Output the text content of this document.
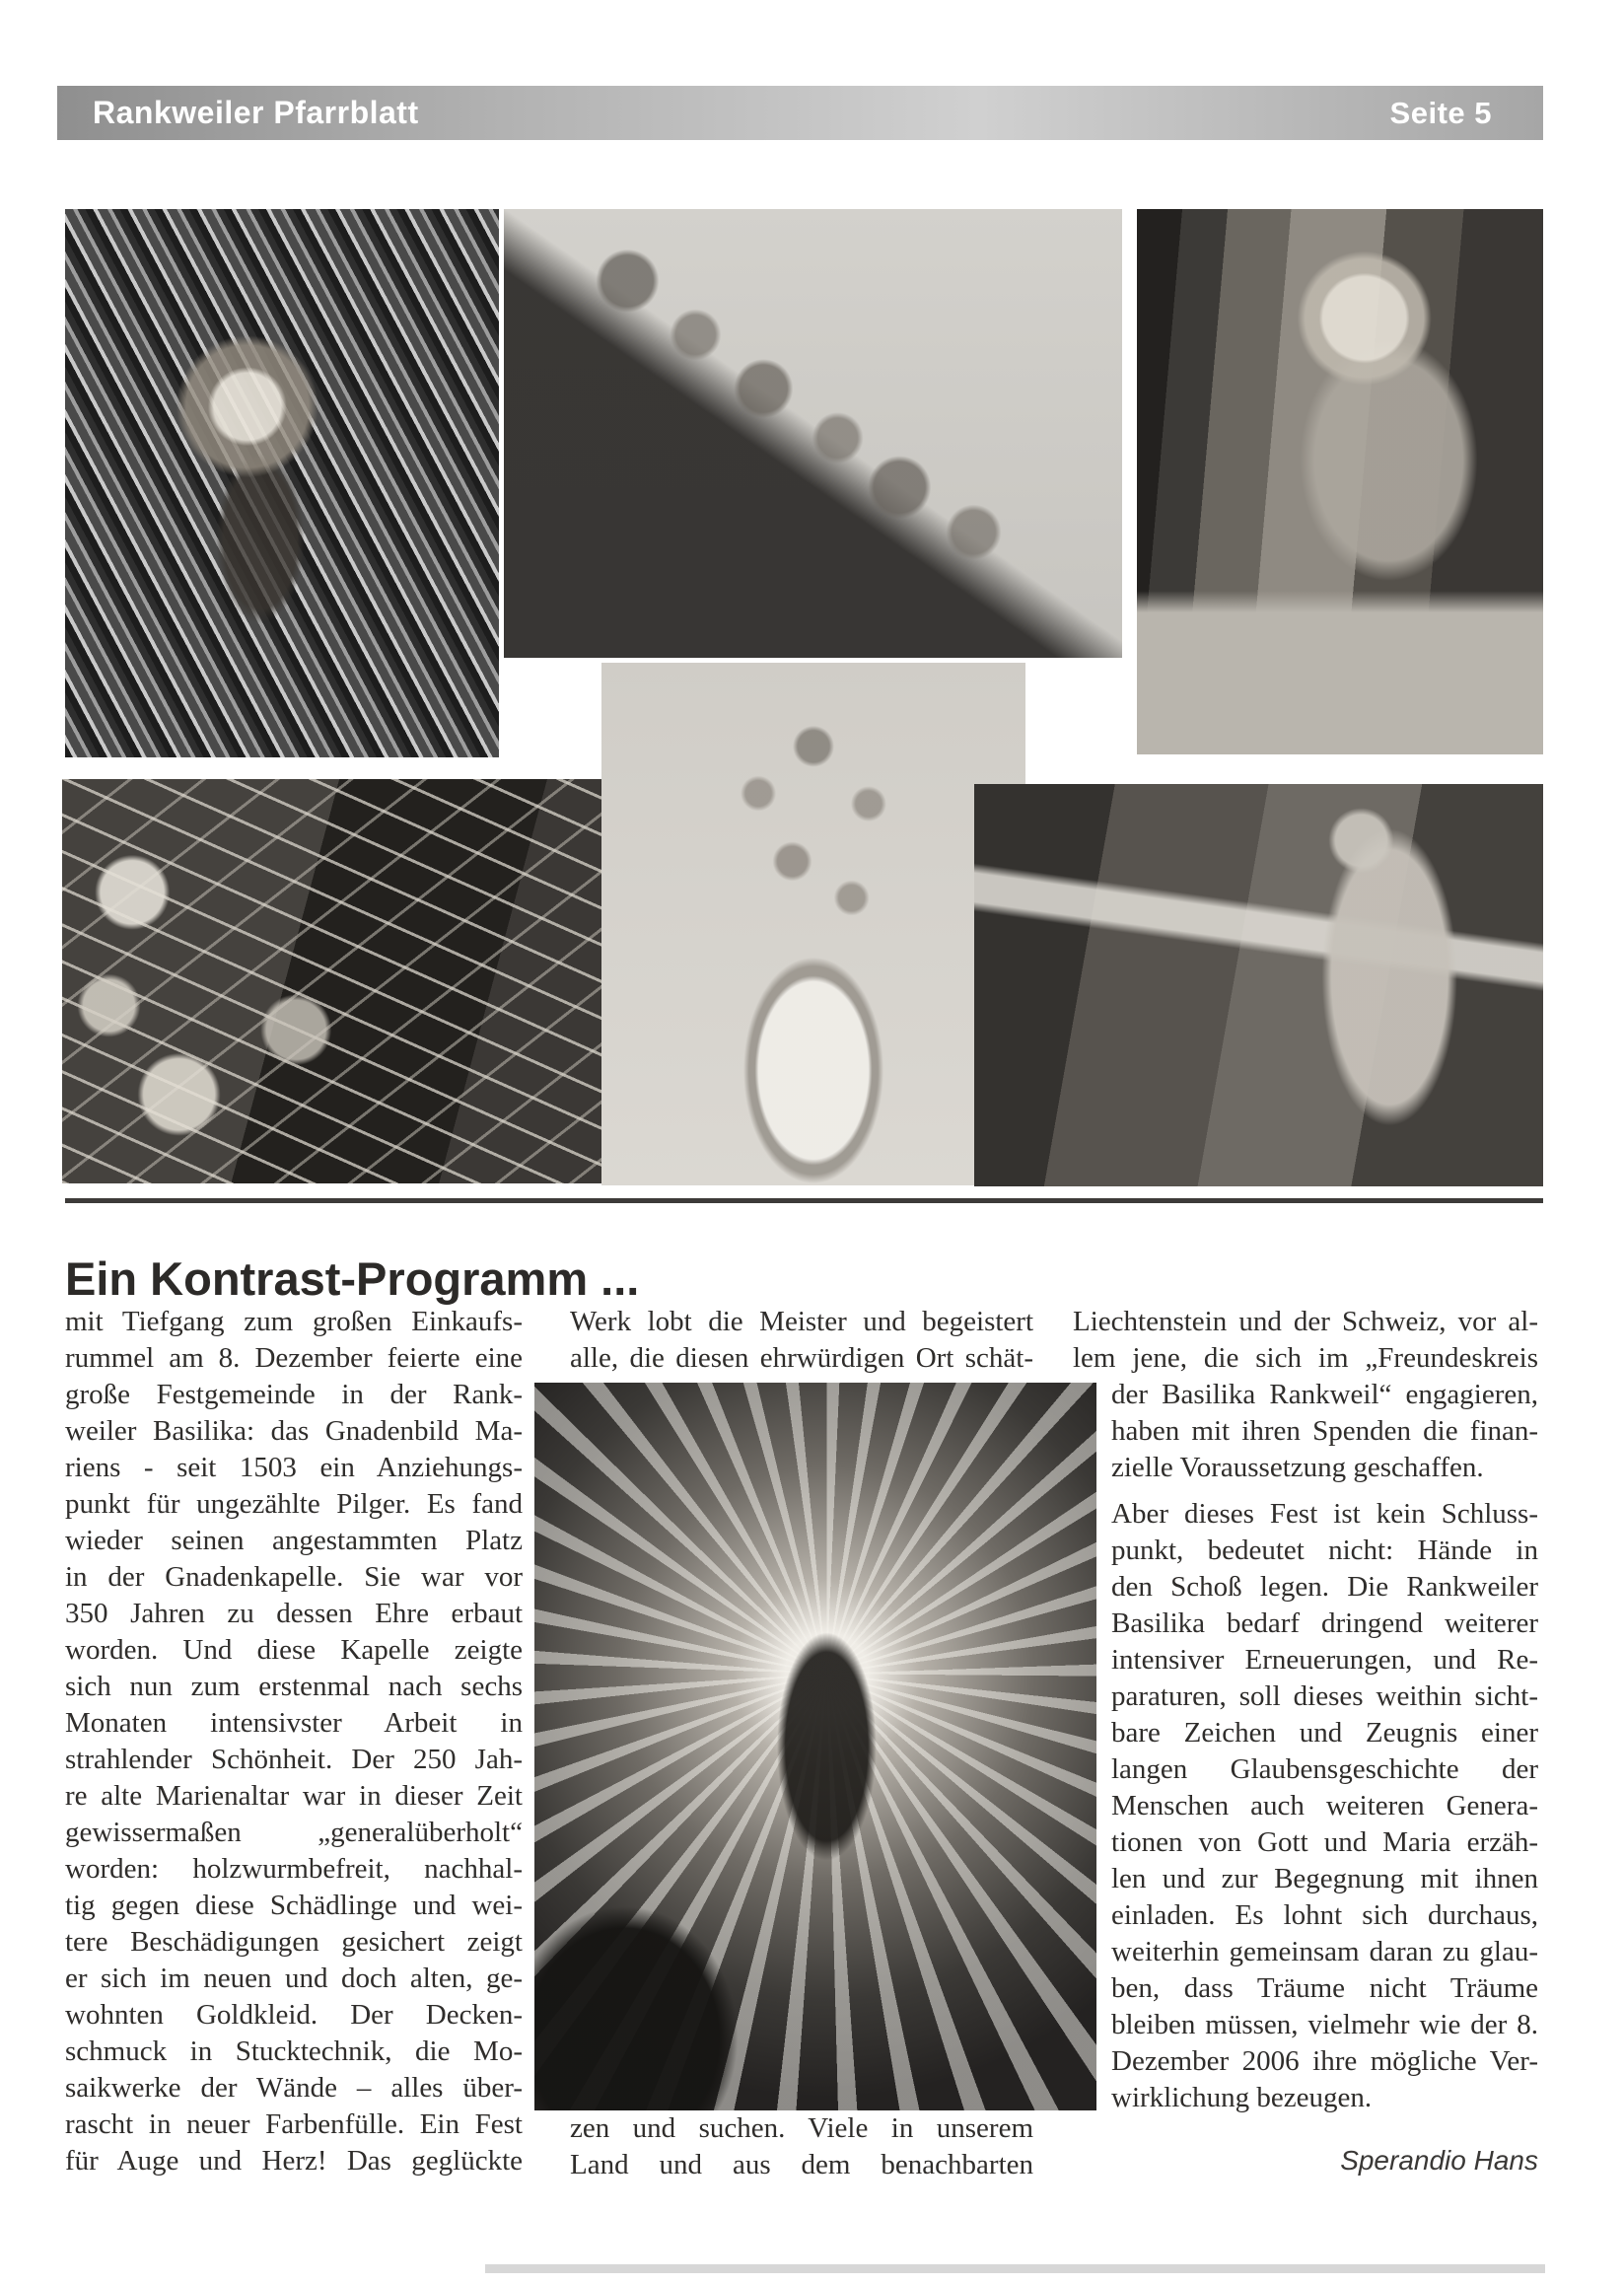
Rankweiler Pfarrblatt	Seite 5
Ein Kontrast-Programm ...
mit Tiefgang zum großen Einkaufs-
rummel am 8. Dezember feierte eine
große Festgemeinde in der Rank-
weiler Basilika: das Gnadenbild Ma-
riens - seit 1503 ein Anziehungs-
punkt für ungezählte Pilger. Es fand
wieder seinen angestammten Platz
in der Gnadenkapelle. Sie war vor
350 Jahren zu dessen Ehre erbaut
worden. Und diese Kapelle zeigte
sich nun zum erstenmal nach sechs
Monaten intensivster Arbeit in
strahlender Schönheit. Der 250 Jah-
re alte Marienaltar war in dieser Zeit
gewissermaßen „generalüberholt“
worden: holzwurmbefreit, nachhal-
tig gegen diese Schädlinge und wei-
tere Beschädigungen gesichert zeigt
er sich im neuen und doch alten, ge-
wohnten Goldkleid. Der Decken-
schmuck in Stucktechnik, die Mo-
saikwerke der Wände – alles über-
rascht in neuer Farbenfülle. Ein Fest
für Auge und Herz! Das geglückte
Werk lobt die Meister und begeistert
alle, die diesen ehrwürdigen Ort schät-
zen und suchen. Viele in unserem
Land und aus dem benachbarten
Liechtenstein und der Schweiz, vor al-
lem jene, die sich im „Freundeskreis
der Basilika Rankweil“ engagieren,
haben mit ihren Spenden die finan-
zielle Voraussetzung geschaffen.
Aber dieses Fest ist kein Schluss-
punkt, bedeutet nicht: Hände in
den Schoß legen. Die Rankweiler
Basilika bedarf dringend weiterer
intensiver Erneuerungen, und Re-
paraturen, soll dieses weithin sicht-
bare Zeichen und Zeugnis einer
langen Glaubensgeschichte der
Menschen auch weiteren Genera-
tionen von Gott und Maria erzäh-
len und zur Begegnung mit ihnen
einladen. Es lohnt sich durchaus,
weiterhin gemeinsam daran zu glau-
ben, dass Träume nicht Träume
bleiben müssen, vielmehr wie der 8.
Dezember 2006 ihre mögliche Ver-
wirklichung bezeugen.
Sperandio Hans
